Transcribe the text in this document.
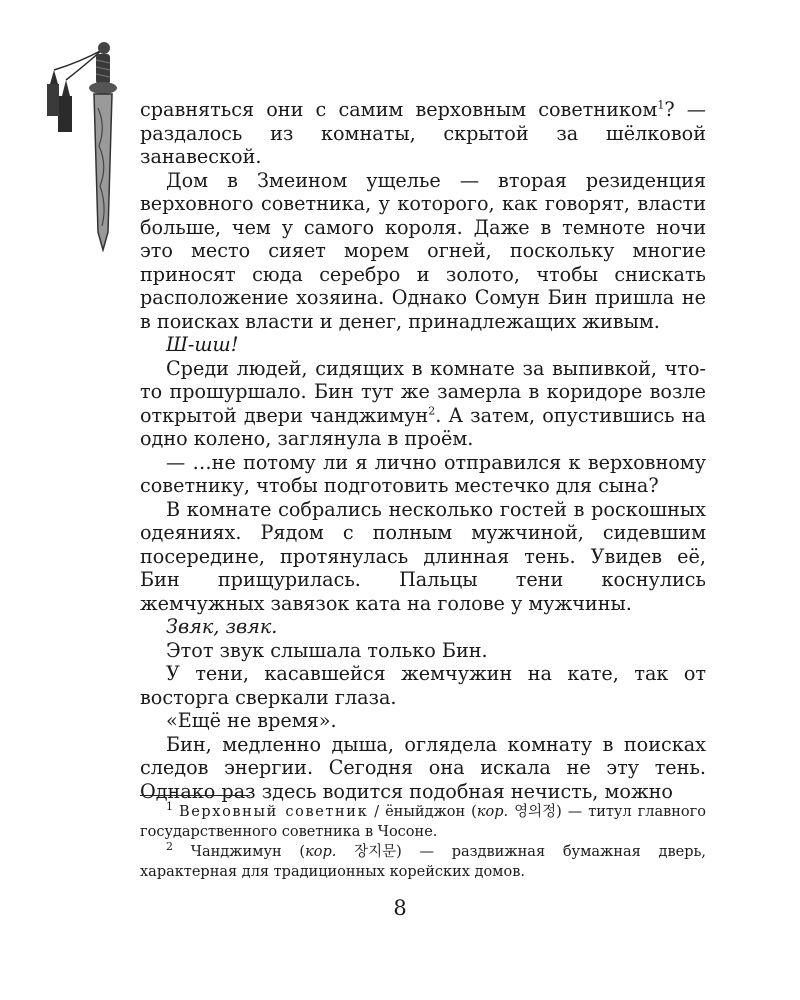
сравняться они с самим верховным советником$^1$? — раздалось из комнаты, скрытой за шёлковой занавеской.

Дом в Змеином ущелье — вторая резиденция верховного советника, у которого, как говорят, власти больше, чем у самого короля. Даже в темноте ночи это место сияет морем огней, поскольку многие приносят сюда серебро и золото, чтобы снискать расположение хозяина. Однако Сомун Бин пришла не в поисках власти и денег, принадлежащих живым.

Ш-шш!

Среди людей, сидящих в комнате за выпивкой, что-то прошуршало. Бин тут же замерла в коридоре возле открытой двери чанджимун$^2$. А затем, опустившись на одно колено, заглянула в проём.

— …не потому ли я лично отправился к верховному советнику, чтобы подготовить местечко для сына?

В комнате собрались несколько гостей в роскошных одеяниях. Рядом с полным мужчиной, сидевшим посередине, протянулась длинная тень. Увидев её, Бин прищурилась. Пальцы тени коснулись жемчужных завязок ката на голове у мужчины.

Звяк, звяк.

Этот звук слышала только Бин.

У тени, касавшейся жемчужин на кате, так от восторга сверкали глаза.

«Ещё не время».

Бин, медленно дыша, оглядела комнату в поисках следов энергии. Сегодня она искала не эту тень. Однако раз здесь водится подобная нечисть, можно

$^1$ Верховный советник / ёныйджон (кор. 영의정) — титул главного государственного советника в Чосоне.

$^2$ Чанджимун (кор. 장지문) — раздвижная бумажная дверь, характерная для традиционных корейских домов.

8
